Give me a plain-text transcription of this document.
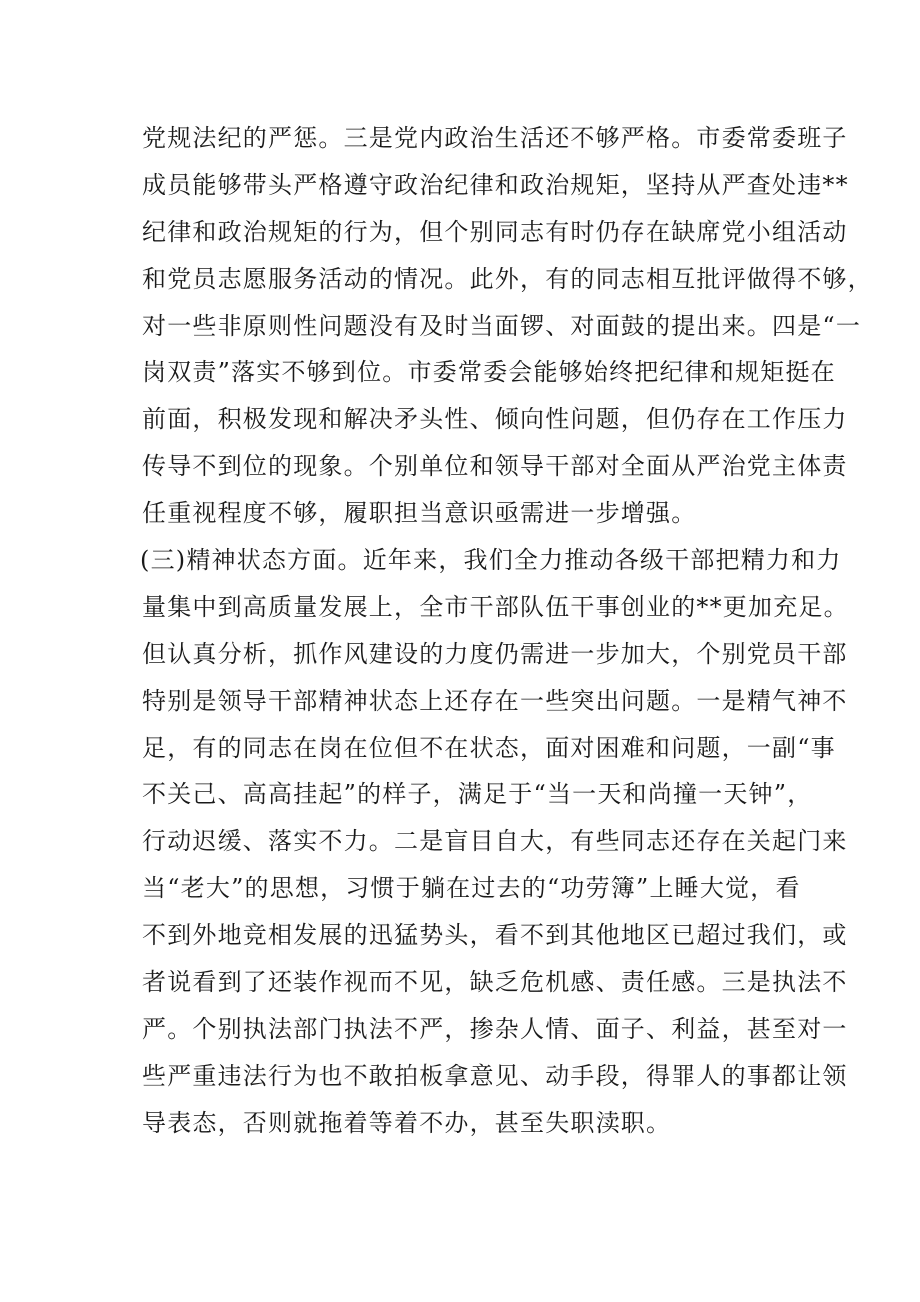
党规法纪的严惩。三是党内政治生活还不够严格。市委常委班子
成员能够带头严格遵守政治纪律和政治规矩，坚持从严查处违**
纪律和政治规矩的行为，但个别同志有时仍存在缺席党小组活动
和党员志愿服务活动的情况。此外，有的同志相互批评做得不够，
对一些非原则性问题没有及时当面锣、对面鼓的提出来。四是“一
岗双责”落实不够到位。市委常委会能够始终把纪律和规矩挺在
前面，积极发现和解决矛头性、倾向性问题，但仍存在工作压力
传导不到位的现象。个别单位和领导干部对全面从严治党主体责
任重视程度不够，履职担当意识亟需进一步增强。
(三)精神状态方面。近年来，我们全力推动各级干部把精力和力
量集中到高质量发展上，全市干部队伍干事创业的**更加充足。
但认真分析，抓作风建设的力度仍需进一步加大，个别党员干部
特别是领导干部精神状态上还存在一些突出问题。一是精气神不
足，有的同志在岗在位但不在状态，面对困难和问题，一副“事
不关己、高高挂起”的样子，满足于“当一天和尚撞一天钟”，
行动迟缓、落实不力。二是盲目自大，有些同志还存在关起门来
当“老大”的思想，习惯于躺在过去的“功劳簿”上睡大觉，看
不到外地竞相发展的迅猛势头，看不到其他地区已超过我们，或
者说看到了还装作视而不见，缺乏危机感、责任感。三是执法不
严。个别执法部门执法不严，掺杂人情、面子、利益，甚至对一
些严重违法行为也不敢拍板拿意见、动手段，得罪人的事都让领
导表态，否则就拖着等着不办，甚至失职渎职。
